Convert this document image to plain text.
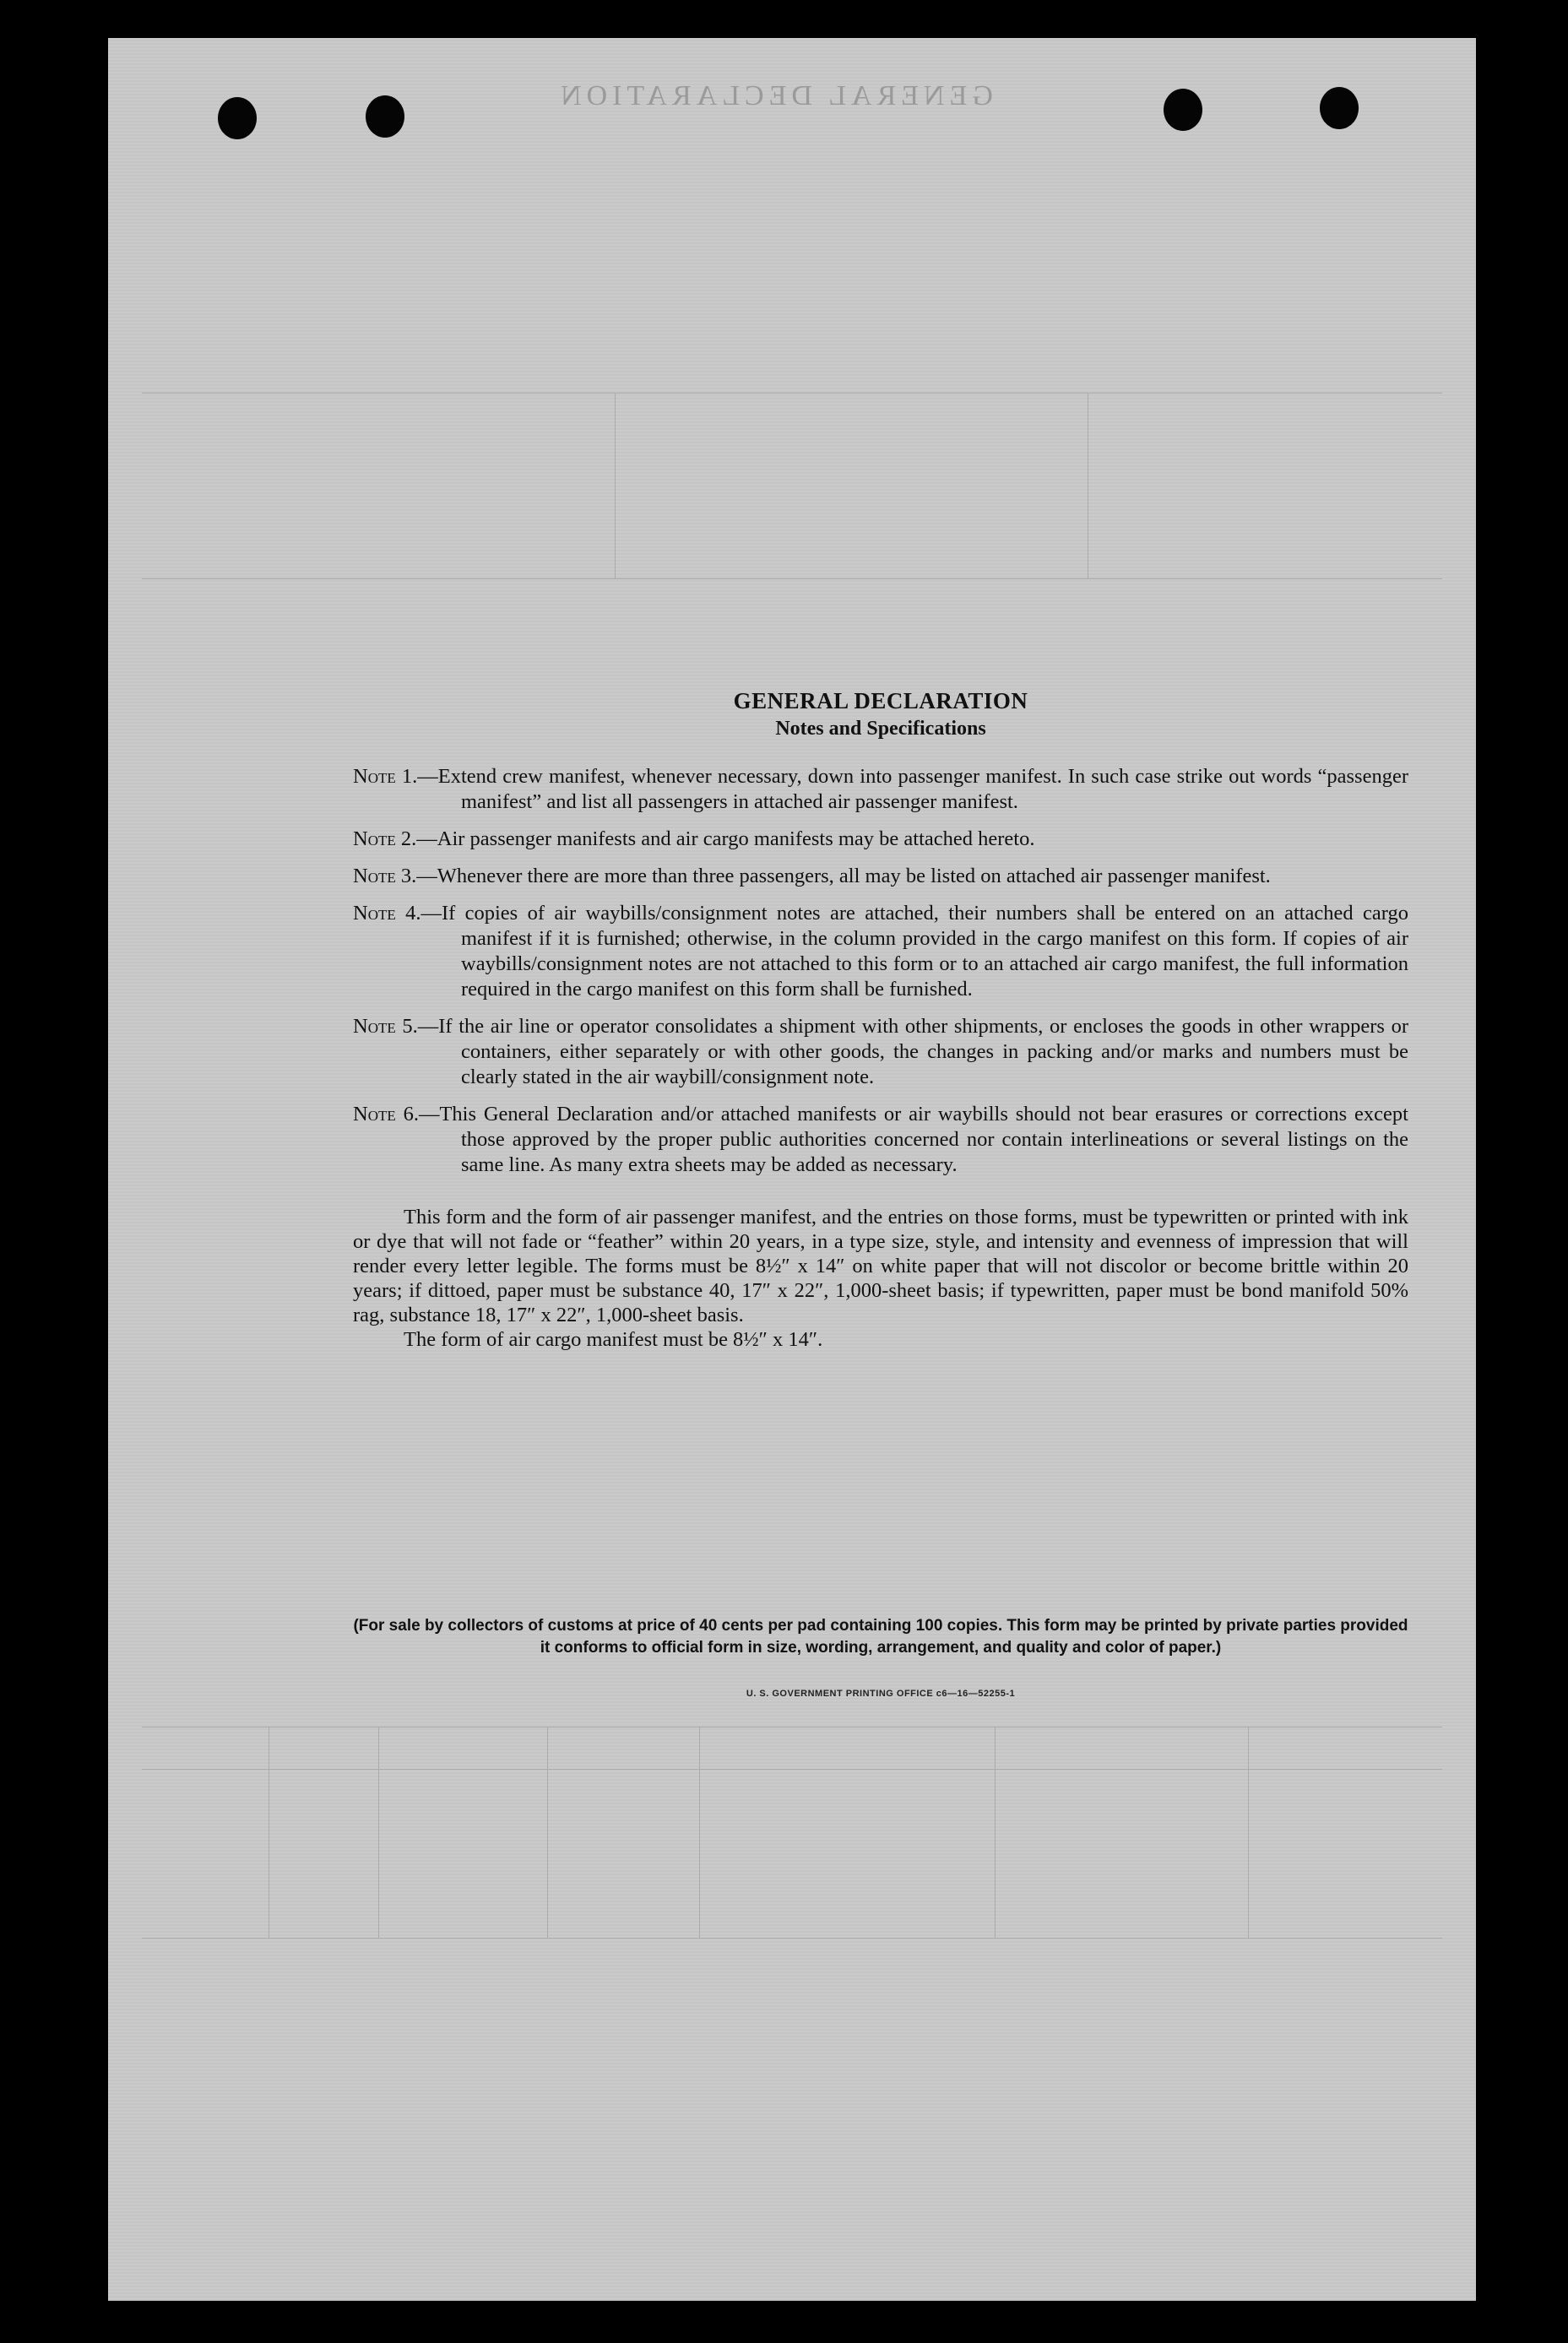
GENERAL DECLARATION
GENERAL DECLARATION
Notes and Specifications
Note 1.—Extend crew manifest, whenever necessary, down into passenger manifest. In such case strike out words “passenger manifest” and list all passengers in attached air passenger manifest.
Note 2.—Air passenger manifests and air cargo manifests may be attached hereto.
Note 3.—Whenever there are more than three passengers, all may be listed on attached air passenger manifest.
Note 4.—If copies of air waybills/consignment notes are attached, their numbers shall be entered on an attached cargo manifest if it is furnished; otherwise, in the column provided in the cargo manifest on this form. If copies of air waybills/consignment notes are not attached to this form or to an attached air cargo manifest, the full information required in the cargo manifest on this form shall be furnished.
Note 5.—If the air line or operator consolidates a shipment with other shipments, or encloses the goods in other wrappers or containers, either separately or with other goods, the changes in packing and/or marks and numbers must be clearly stated in the air waybill/consignment note.
Note 6.—This General Declaration and/or attached manifests or air waybills should not bear erasures or corrections except those approved by the proper public authorities concerned nor contain interlineations or several listings on the same line. As many extra sheets may be added as necessary.
This form and the form of air passenger manifest, and the entries on those forms, must be typewritten or printed with ink or dye that will not fade or “feather” within 20 years, in a type size, style, and intensity and evenness of impression that will render every letter legible. The forms must be 8½″ x 14″ on white paper that will not discolor or become brittle within 20 years; if dittoed, paper must be substance 40, 17″ x 22″, 1,000-sheet basis; if typewritten, paper must be bond manifold 50% rag, substance 18, 17″ x 22″, 1,000-sheet basis.
The form of air cargo manifest must be 8½″ x 14″.
(For sale by collectors of customs at price of 40 cents per pad containing 100 copies. This form may be printed by private parties provided it conforms to official form in size, wording, arrangement, and quality and color of paper.)
U. S. GOVERNMENT PRINTING OFFICE c6—16—52255-1
